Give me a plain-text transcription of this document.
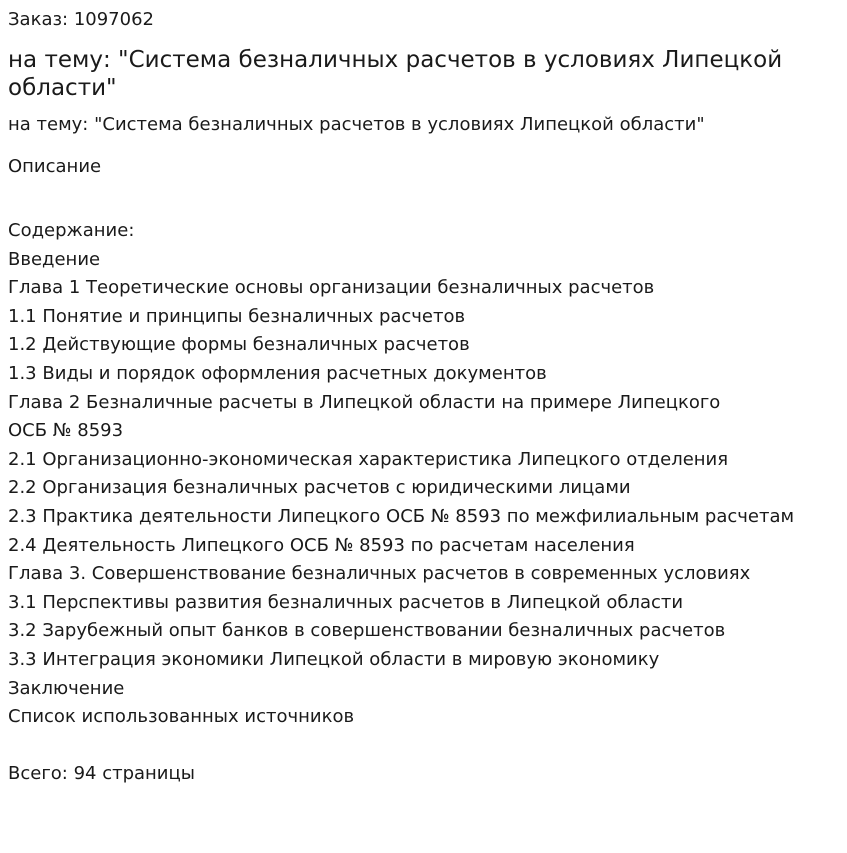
Заказ: 1097062

на тему: "Система безналичных расчетов в условиях Липецкой области"

на тему: "Система безналичных расчетов в условиях Липецкой области"

Описание

Содержание:
Введение
Глава 1 Теоретические основы организации безналичных расчетов
1.1 Понятие и принципы безналичных расчетов
1.2 Действующие формы безналичных расчетов
1.3 Виды и порядок оформления расчетных документов
Глава 2 Безналичные расчеты в Липецкой области на примере Липецкого
ОСБ № 8593
2.1 Организационно-экономическая характеристика Липецкого отделения
2.2 Организация безналичных расчетов с юридическими лицами
2.3 Практика деятельности Липецкого ОСБ № 8593 по межфилиальным расчетам
2.4 Деятельность Липецкого ОСБ № 8593 по расчетам населения
Глава 3. Совершенствование безналичных расчетов в современных условиях
3.1 Перспективы развития безналичных расчетов в Липецкой области
3.2 Зарубежный опыт банков в совершенствовании безналичных расчетов
3.3 Интеграция экономики Липецкой области в мировую экономику
Заключение
Список использованных источников

Всего: 94 страницы
